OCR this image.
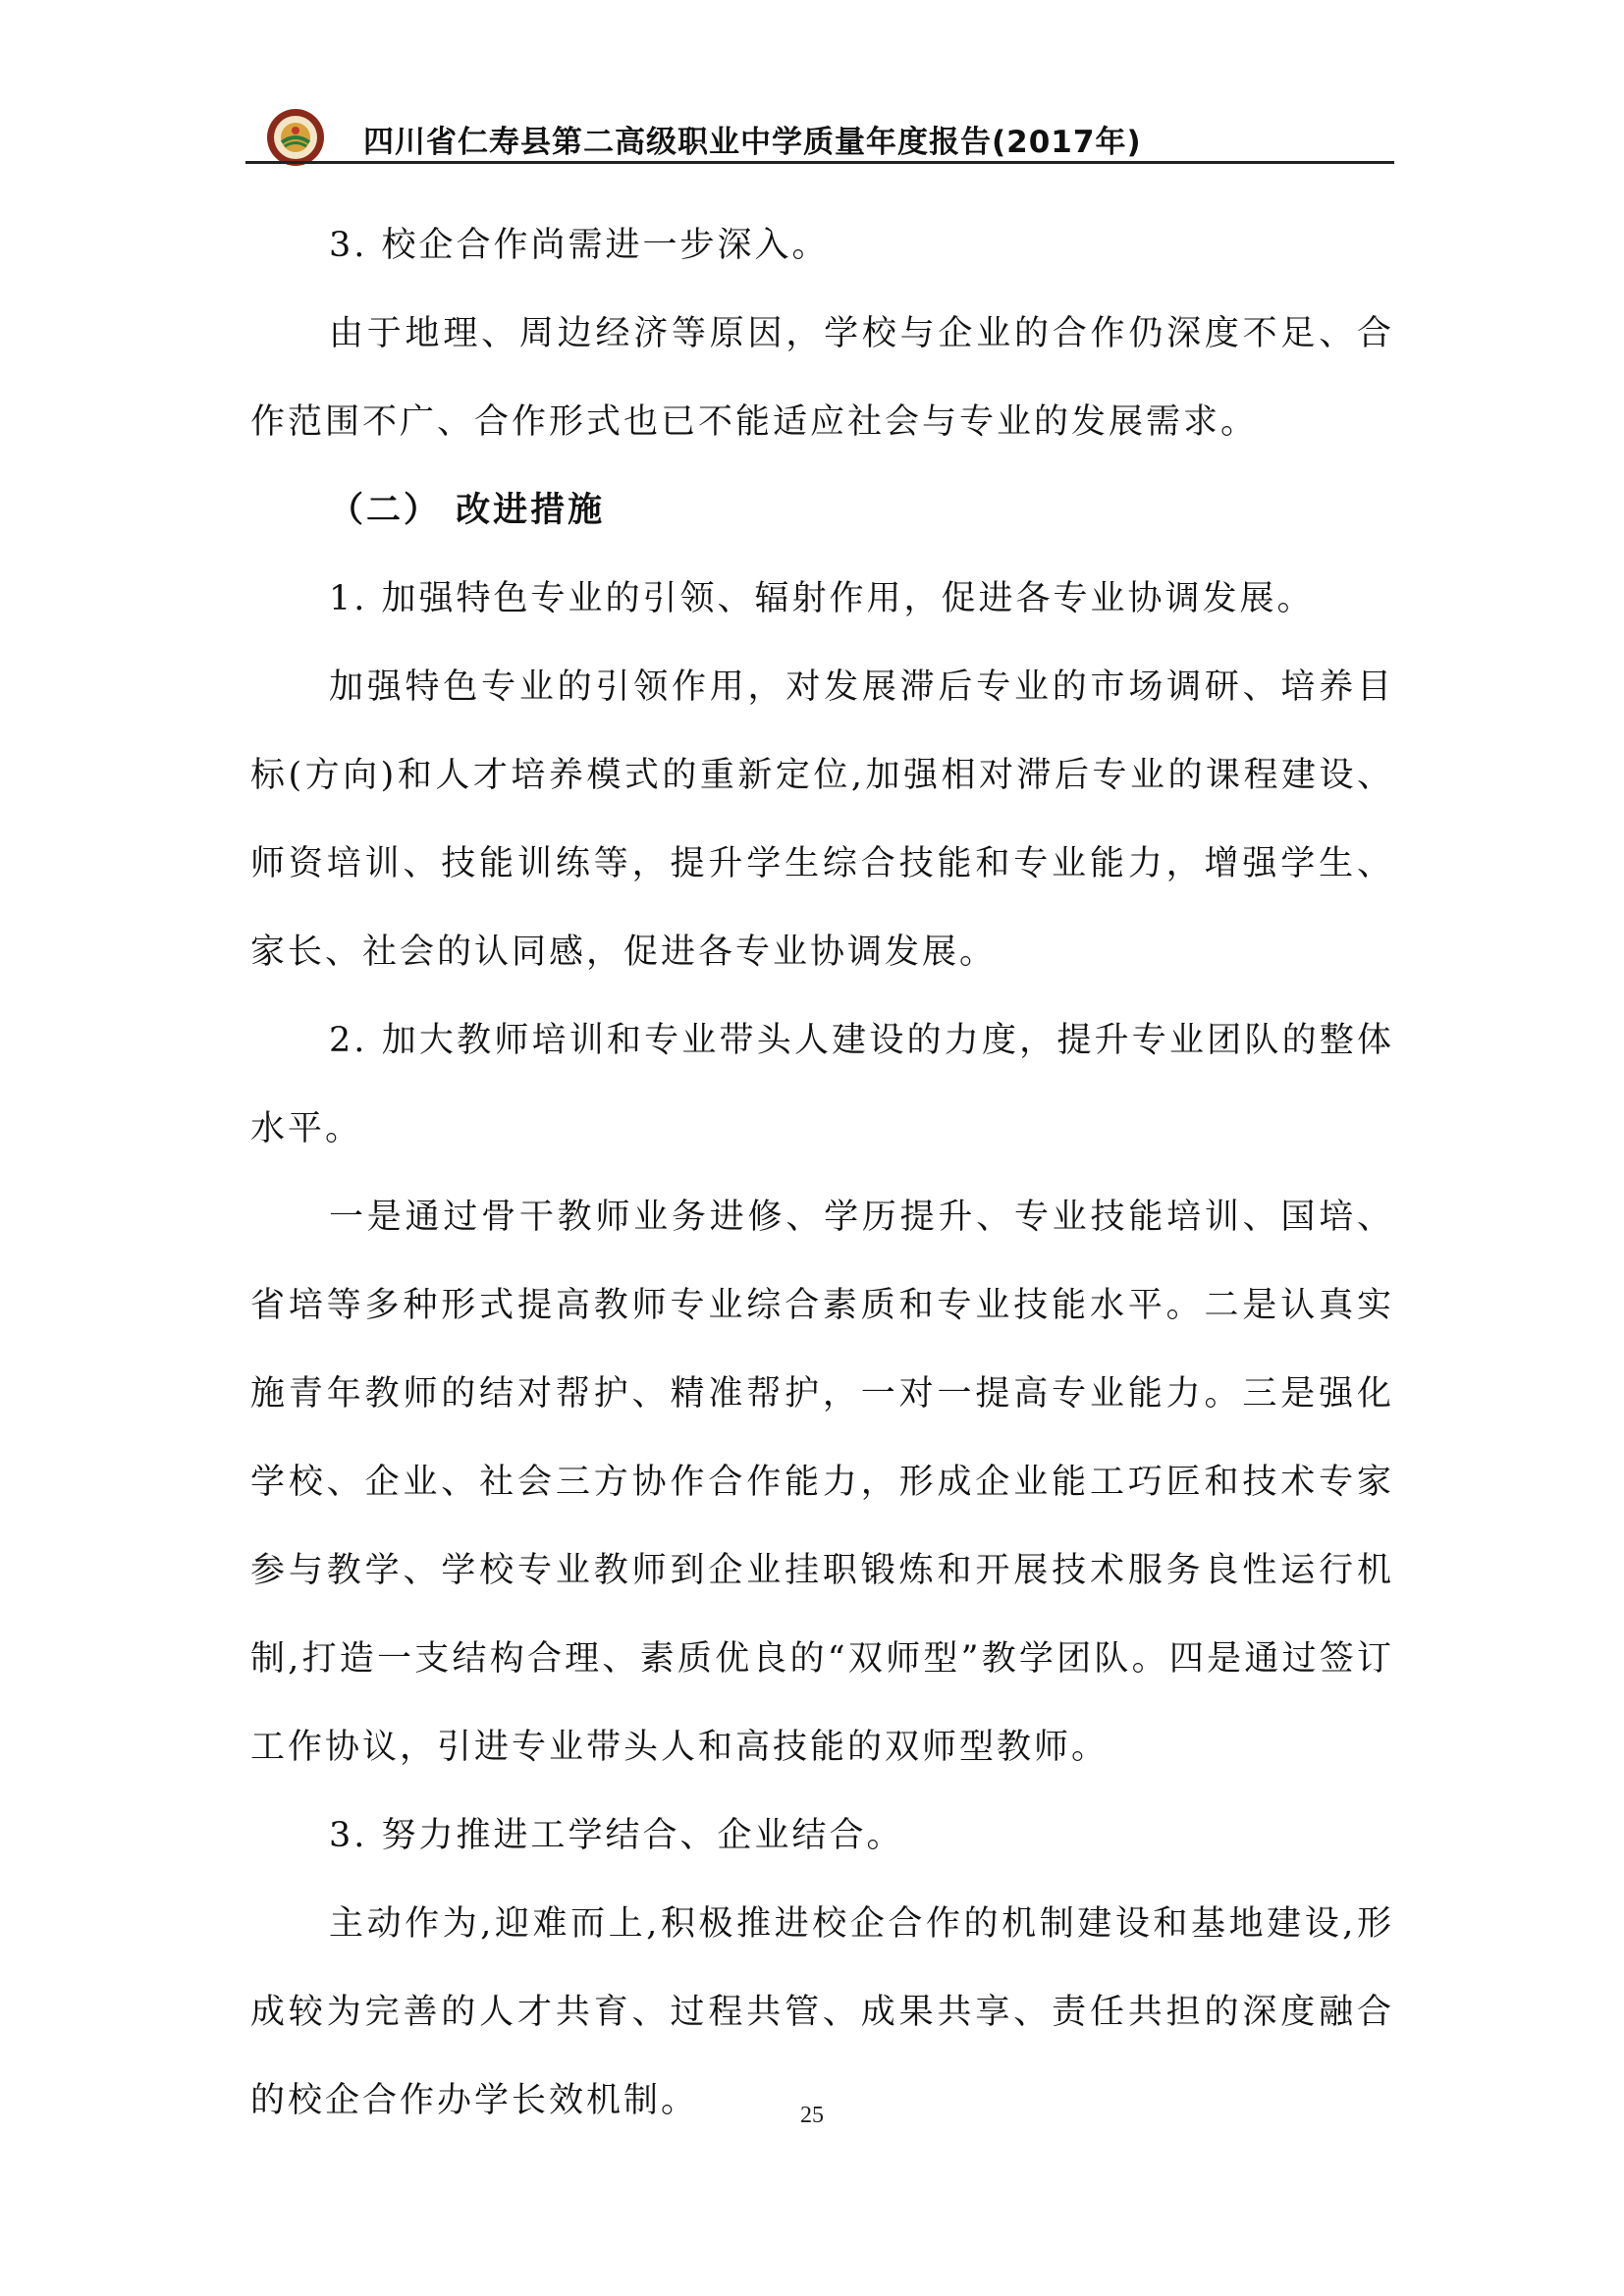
四川省仁寿县第二高级职业中学质量年度报告(2017年)

3. 校企合作尚需进一步深入。

由于地理、周边经济等原因，学校与企业的合作仍深度不足、合作范围不广、合作形式也已不能适应社会与专业的发展需求。

（二） 改进措施

1. 加强特色专业的引领、辐射作用，促进各专业协调发展。

加强特色专业的引领作用，对发展滞后专业的市场调研、培养目标(方向)和人才培养模式的重新定位,加强相对滞后专业的课程建设、师资培训、技能训练等，提升学生综合技能和专业能力，增强学生、家长、社会的认同感，促进各专业协调发展。

2. 加大教师培训和专业带头人建设的力度，提升专业团队的整体水平。

一是通过骨干教师业务进修、学历提升、专业技能培训、国培、省培等多种形式提高教师专业综合素质和专业技能水平。二是认真实施青年教师的结对帮护、精准帮护，一对一提高专业能力。三是强化学校、企业、社会三方协作合作能力，形成企业能工巧匠和技术专家参与教学、学校专业教师到企业挂职锻炼和开展技术服务良性运行机制,打造一支结构合理、素质优良的“双师型”教学团队。四是通过签订工作协议，引进专业带头人和高技能的双师型教师。

3. 努力推进工学结合、企业结合。

主动作为,迎难而上,积极推进校企合作的机制建设和基地建设,形成较为完善的人才共育、过程共管、成果共享、责任共担的深度融合的校企合作办学长效机制。	25
